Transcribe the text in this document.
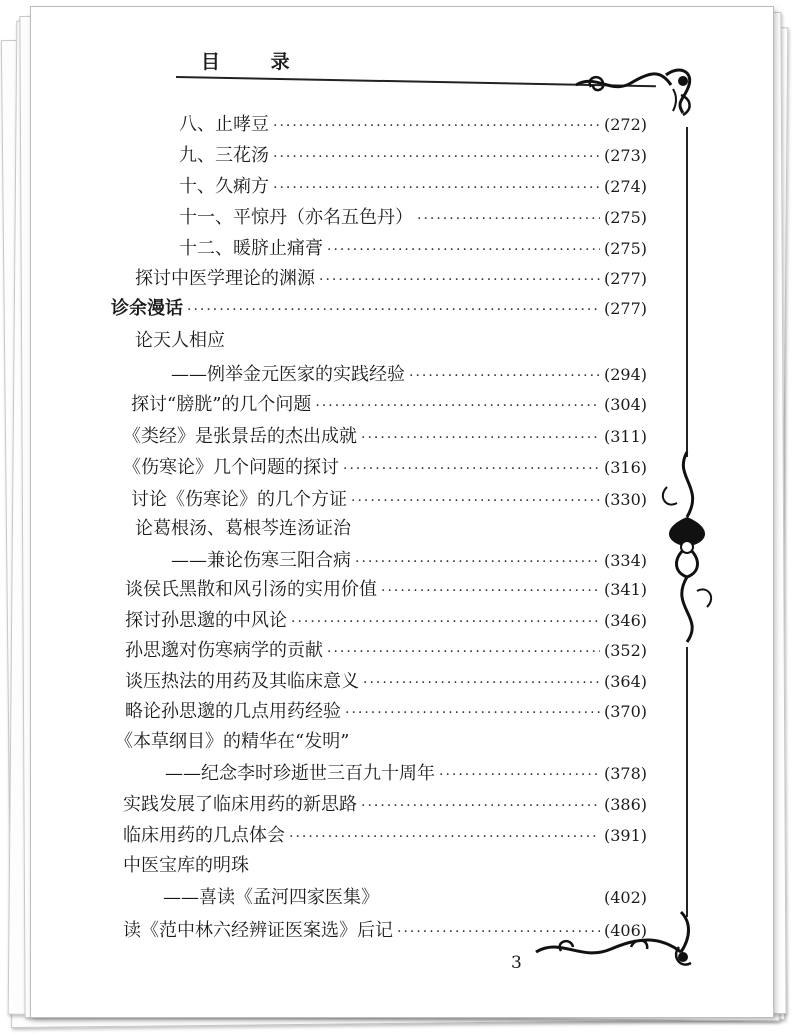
目 录
八、止哮豆 ·····	(272)
九、三花汤 ·····	(273)
十、久痢方 ·····	(274)
十一、平惊丹（亦名五色丹） ·····	(275)
十二、暖脐止痛膏 ·····	(275)
探讨中医学理论的渊源 ·····	(277)
诊余漫话 ·····	(277)
论天人相应
——例举金元医家的实践经验 ·····	(294)
探讨“膀胱”的几个问题 ·····	(304)
《类经》是张景岳的杰出成就 ·····	(311)
《伤寒论》几个问题的探讨 ·····	(316)
讨论《伤寒论》的几个方证 ·····	(330)
论葛根汤、葛根芩连汤证治
——兼论伤寒三阳合病 ·····	(334)
谈侯氏黑散和风引汤的实用价值 ·····	(341)
探讨孙思邈的中风论 ·····	(346)
孙思邈对伤寒病学的贡献 ·····	(352)
谈压热法的用药及其临床意义 ·····	(364)
略论孙思邈的几点用药经验 ·····	(370)
《本草纲目》的精华在“发明”
——纪念李时珍逝世三百九十周年 ·····	(378)
实践发展了临床用药的新思路 ·····	(386)
临床用药的几点体会 ·····	(391)
中医宝库的明珠
——喜读《孟河四家医集》	(402)
读《范中林六经辨证医案选》后记 ·····	(406)
3
